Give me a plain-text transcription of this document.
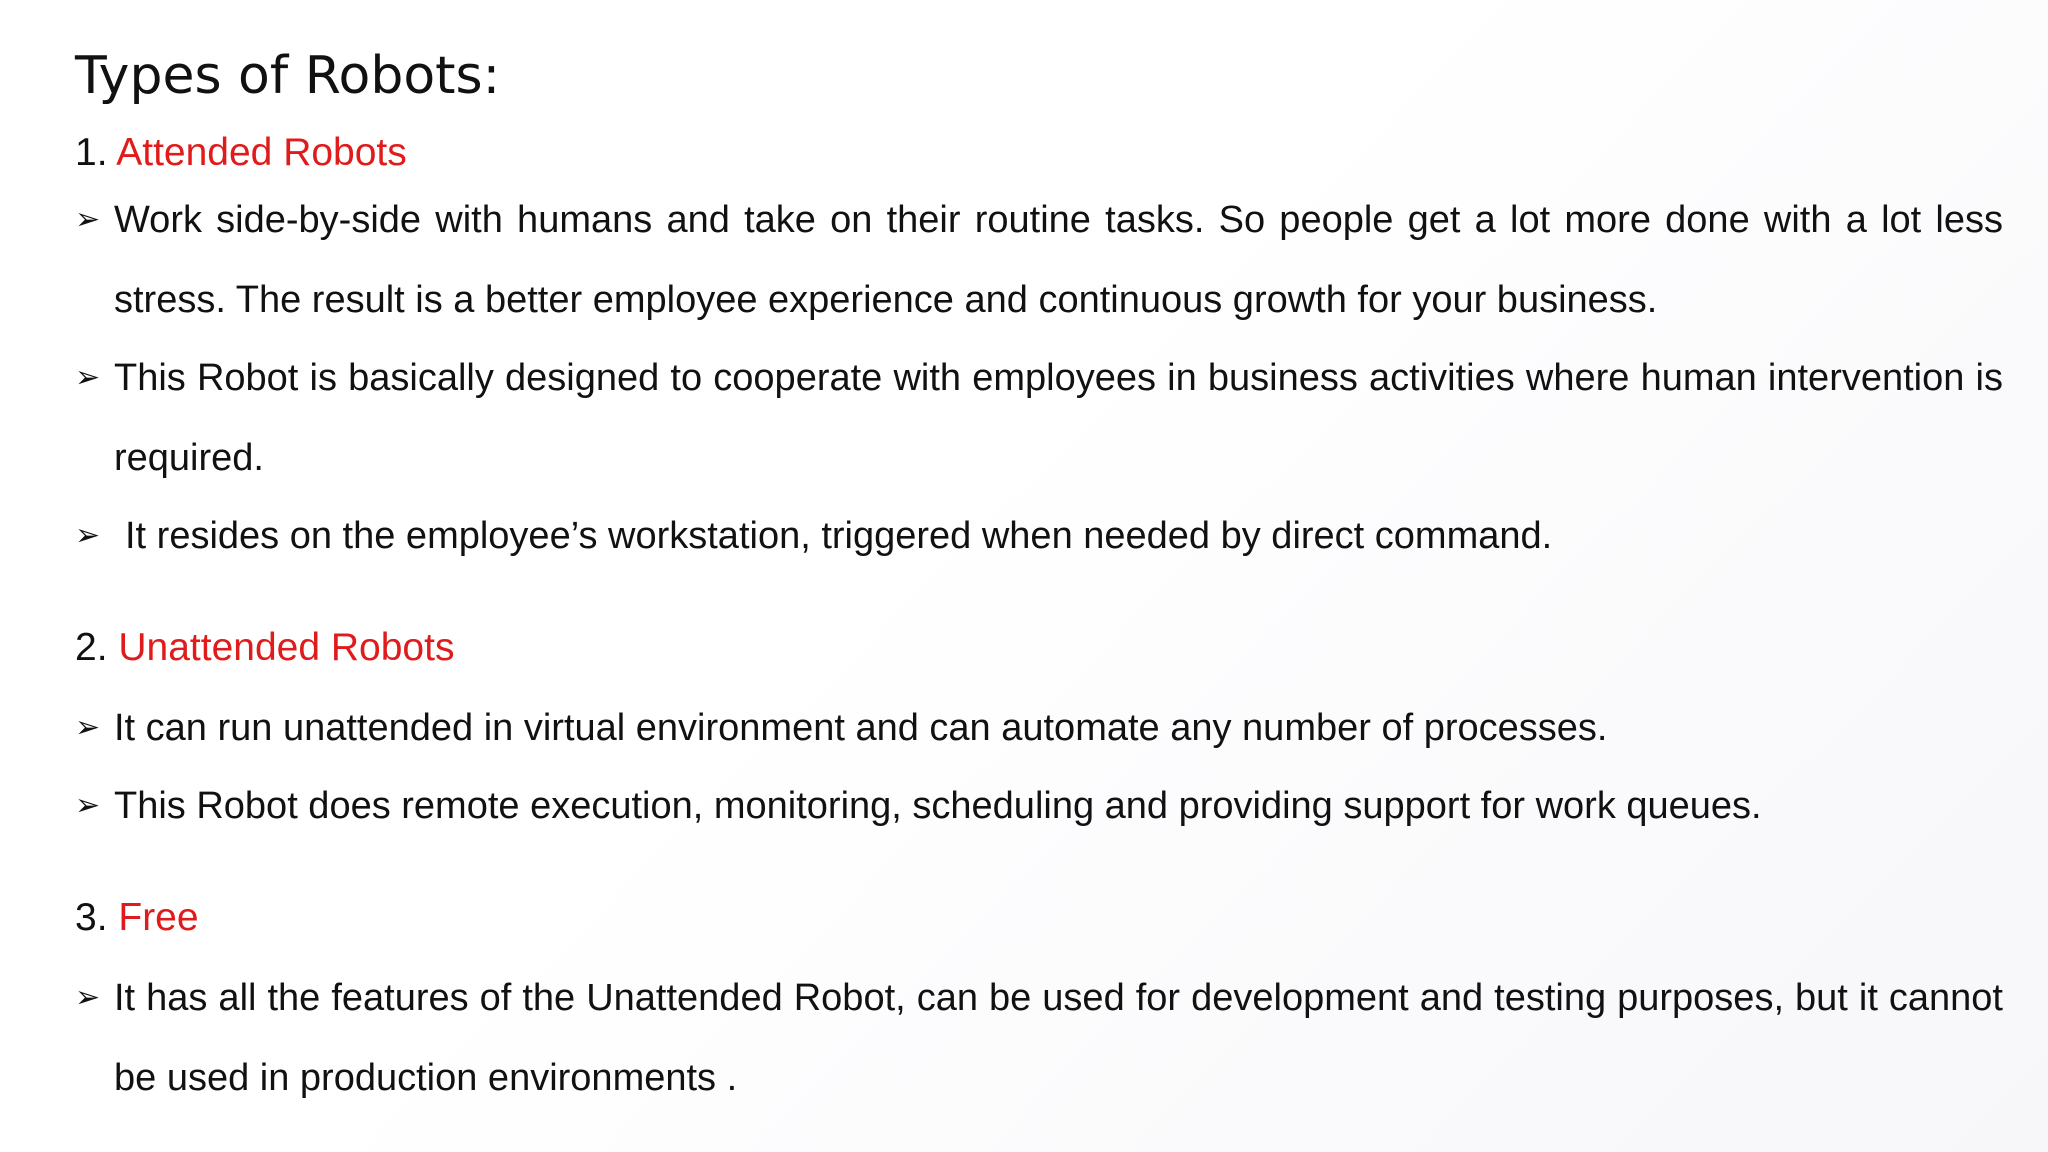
Types of Robots:
1. Attended Robots
➢ Work side-by-side with humans and take on their routine tasks. So people get a lot more done with a lot less stress. The result is a better employee experience and continuous growth for your business.
➢ This Robot is basically designed to cooperate with employees in business activities where human intervention is required.
➢ It resides on the employee’s workstation, triggered when needed by direct command.
2. Unattended Robots
➢ It can run unattended in virtual environment and can automate any number of processes.
➢ This Robot does remote execution, monitoring, scheduling and providing support for work queues.
3. Free
➢ It has all the features of the Unattended Robot, can be used for development and testing purposes, but it cannot be used in production environments .
